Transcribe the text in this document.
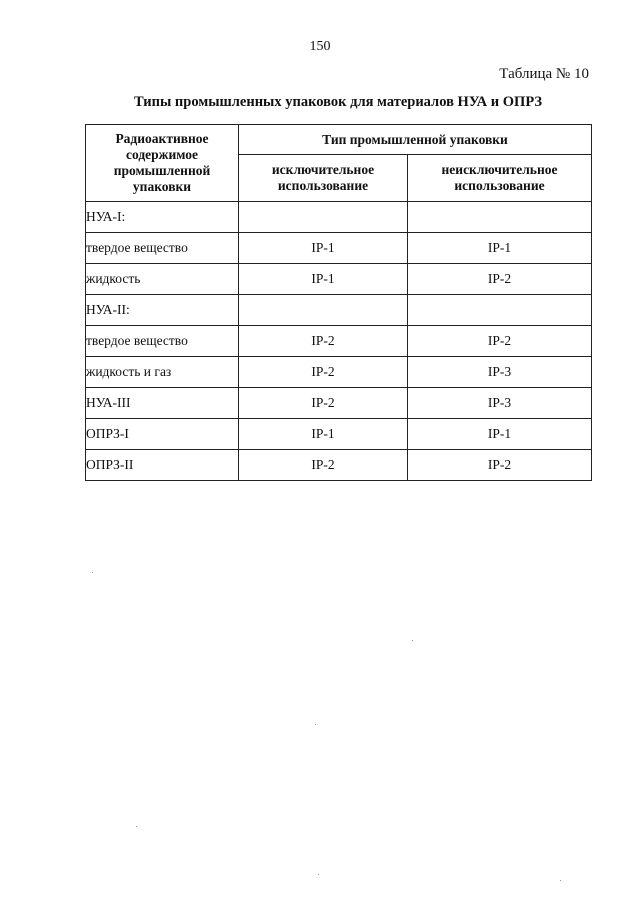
150
Таблица № 10
Типы промышленных упаковок для материалов НУА и ОПРЗ
Радиоактивное содержимое промышленной упаковки	Тип промышленной упаковки	
	исключительное использование	неисключительное использование
НУА-I:		
твердое вещество	IP-1	IP-1
жидкость	IP-1	IP-2
НУА-II:		
твердое вещество	IP-2	IP-2
жидкость и газ	IP-2	IP-3
НУА-III	IP-2	IP-3
ОПРЗ-I	IP-1	IP-1
ОПРЗ-II	IP-2	IP-2
